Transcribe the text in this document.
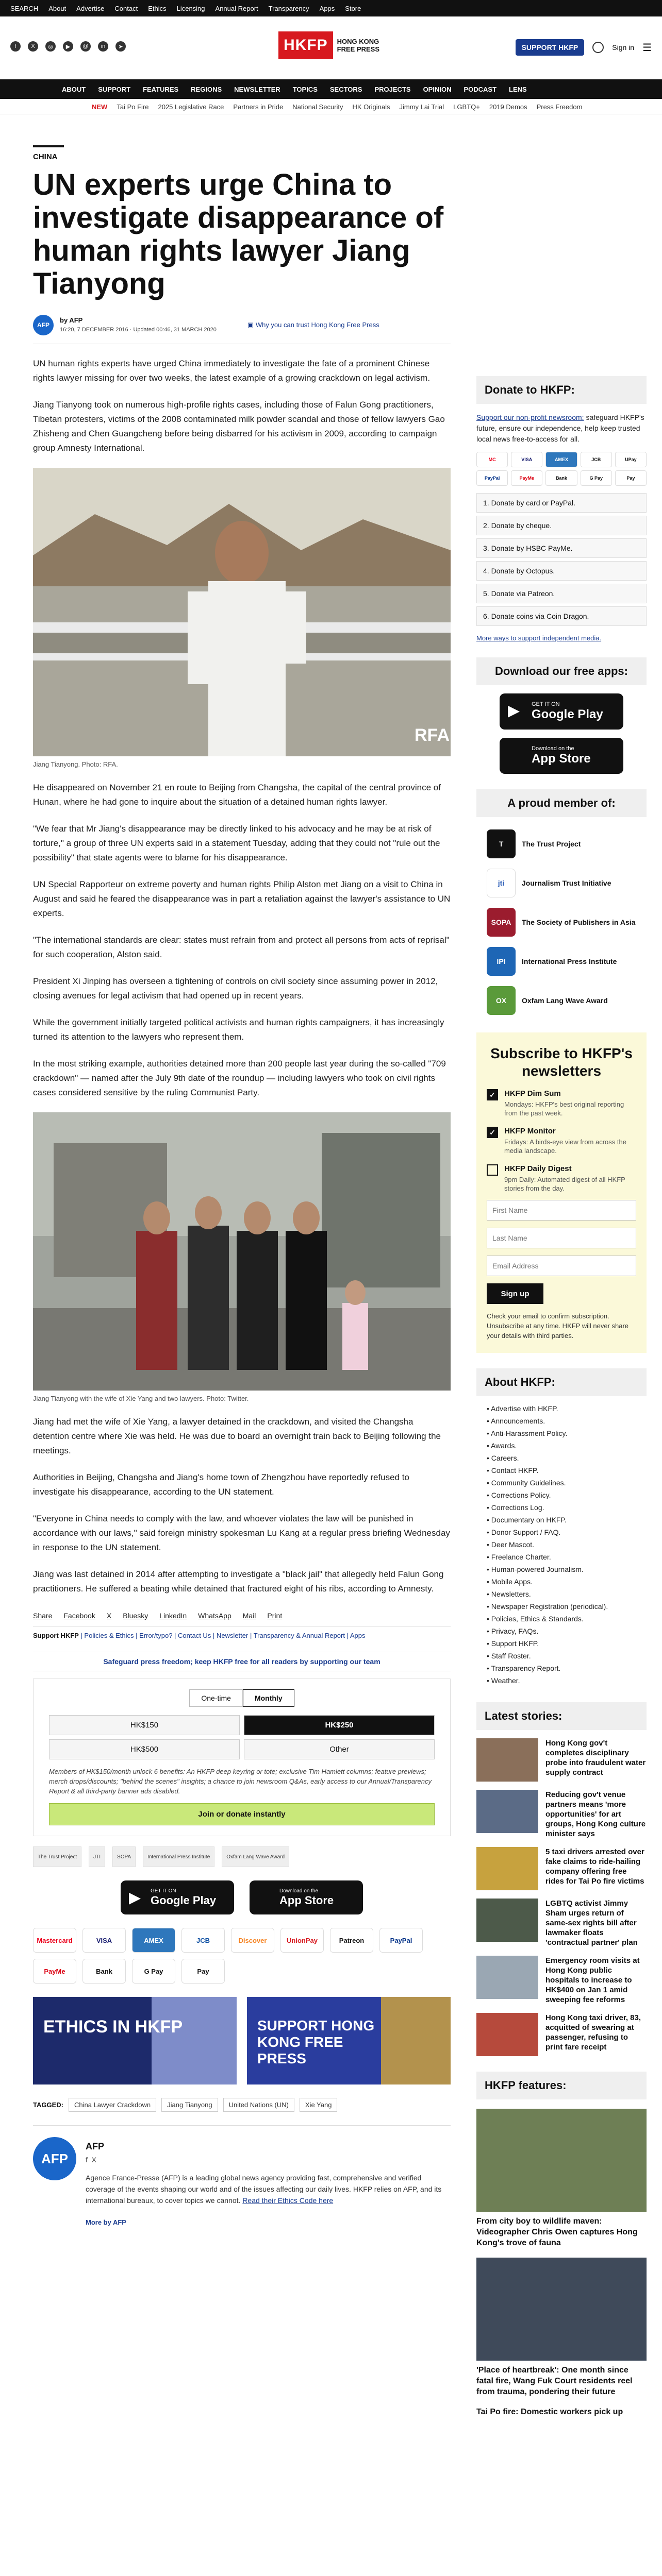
SEARCH About Advertise Contact Ethics Licensing Annual Report Transparency Apps Store
f	X	◎	▶	@	in	➤	HKFP	HONG KONG
FREE PRESS	SUPPORT HKFP	Sign in ☰
ABOUT SUPPORT FEATURES REGIONS NEWSLETTER TOPICS SECTORS PROJECTS OPINION PODCAST LENS
NEW Tai Po Fire 2025 Legislative Race Partners in Pride National Security HK Originals Jimmy Lai Trial LGBTQ+ 2019 Demos Press Freedom
CHINA
UN experts urge China to investigate disappearance of human rights lawyer Jiang Tianyong
AFP
by AFP
16:20, 7 DECEMBER 2016 · Updated 00:46, 31 MARCH 2020
▣ Why you can trust Hong Kong Free Press

UN human rights experts have urged China immediately to investigate the fate of a prominent Chinese rights lawyer missing for over two weeks, the latest example of a growing crackdown on legal activism.

Jiang Tianyong took on numerous high-profile rights cases, including those of Falun Gong practitioners, Tibetan protesters, victims of the 2008 contaminated milk powder scandal and those of fellow lawyers Gao Zhisheng and Chen Guangcheng before being disbarred for his activism in 2009, according to campaign group Amnesty International.

RFA
Jiang Tianyong. Photo: RFA.

He disappeared on November 21 en route to Beijing from Changsha, the capital of the central province of Hunan, where he had gone to inquire about the situation of a detained human rights lawyer.

"We fear that Mr Jiang's disappearance may be directly linked to his advocacy and he may be at risk of torture," a group of three UN experts said in a statement Tuesday, adding that they could not "rule out the possibility" that state agents were to blame for his disappearance.

UN Special Rapporteur on extreme poverty and human rights Philip Alston met Jiang on a visit to China in August and said he feared the disappearance was in part a retaliation against the lawyer's assistance to UN experts.

"The international standards are clear: states must refrain from and protect all persons from acts of reprisal" for such cooperation, Alston said.

President Xi Jinping has overseen a tightening of controls on civil society since assuming power in 2012, closing avenues for legal activism that had opened up in recent years.

While the government initially targeted political activists and human rights campaigners, it has increasingly turned its attention to the lawyers who represent them.

In the most striking example, authorities detained more than 200 people last year during the so-called "709 crackdown" — named after the July 9th date of the roundup — including lawyers who took on civil rights cases considered sensitive by the ruling Communist Party.

Jiang Tianyong with the wife of Xie Yang and two lawyers. Photo: Twitter.

Jiang had met the wife of Xie Yang, a lawyer detained in the crackdown, and visited the Changsha detention centre where Xie was held. He was due to board an overnight train back to Beijing following the meetings.

Authorities in Beijing, Changsha and Jiang's home town of Zhengzhou have reportedly refused to investigate his disappearance, according to the UN statement.

"Everyone in China needs to comply with the law, and whoever violates the law will be punished in accordance with our laws," said foreign ministry spokesman Lu Kang at a regular press briefing Wednesday in response to the UN statement.

Jiang was last detained in 2014 after attempting to investigate a "black jail" that allegedly held Falun Gong practitioners. He suffered a beating while detained that fractured eight of his ribs, according to Amnesty.

Share Facebook X Bluesky LinkedIn WhatsApp Mail Print
Support HKFP | Policies & Ethics | Error/typo? | Contact Us | Newsletter | Transparency & Annual Report | Apps
Safeguard press freedom; keep HKFP free for all readers by supporting our team
One-time	Monthly
HK$150	HK$250
HK$500	Other
Members of HK$150/month unlock 6 benefits: An HKFP deep keyring or tote; exclusive Tim Hamlett columns; feature previews; merch drops/discounts; "behind the scenes" insights; a chance to join newsroom Q&As, early access to our Annual/Transparency Report & all third-party banner ads disabled.
Join or donate instantly
The Trust Project	JTI	SOPA	International Press Institute	Oxfam Lang Wave Award
▶ GET IT ON
Google Play
Download on the
App Store
Mastercard	VISA	AMEX	JCB	Discover	UnionPay	Patreon	PayPal
PayMe	Bank	G Pay	Pay
ETHICS IN HKFP	SUPPORT HONG KONG FREE PRESS
TAGGED:	China Lawyer Crackdown	Jiang Tianyong	United Nations (UN)	Xie Yang
AFP
AFP
f X
Agence France-Presse (AFP) is a leading global news agency providing fast, comprehensive and verified coverage of the events shaping our world and of the issues affecting our daily lives. HKFP relies on AFP, and its international bureaux, to cover topics we cannot. Read their Ethics Code here
More by AFP
Donate to HKFP:
Support our non-profit newsroom: safeguard HKFP's future, ensure our independence, help keep trusted local news free-to-access for all.
MC	VISA	AMEX	JCB	UPay
PayPal	PayMe	Bank	G Pay	Pay
1. Donate by card or PayPal.
2. Donate by cheque.
3. Donate by HSBC PayMe.
4. Donate by Octopus.
5. Donate via Patreon.
6. Donate coins via Coin Dragon.
More ways to support independent media.
Download our free apps:
▶ GET IT ON
Google Play
Download on the
App Store
A proud member of:
T	The Trust Project
jti	Journalism Trust Initiative
SOPA	The Society of Publishers in Asia
IPI	International Press Institute
OX	Oxfam Lang Wave Award
Subscribe to HKFP's newsletters
✓	HKFP Dim Sum
Mondays: HKFP's best original reporting from the past week.
✓	HKFP Monitor
Fridays: A birds-eye view from across the media landscape.
HKFP Daily Digest
9pm Daily: Automated digest of all HKFP stories from the day.
First Name
Last Name
Email Address
Sign up
Check your email to confirm subscription. Unsubscribe at any time. HKFP will never share your details with third parties.
About HKFP:
• Advertise with HKFP.
• Announcements.
• Anti-Harassment Policy.
• Awards.
• Careers.
• Contact HKFP.
• Community Guidelines.
• Corrections Policy.
• Corrections Log.
• Documentary on HKFP.
• Donor Support / FAQ.
• Deer Mascot.
• Freelance Charter.
• Human-powered Journalism.
• Mobile Apps.
• Newsletters.
• Newspaper Registration (periodical).
• Policies, Ethics & Standards.
• Privacy, FAQs.
• Support HKFP.
• Staff Roster.
• Transparency Report.
• Weather.
Latest stories:
Hong Kong gov't completes disciplinary probe into fraudulent water supply contract
Reducing gov't venue partners means 'more opportunities' for art groups, Hong Kong culture minister says
5 taxi drivers arrested over fake claims to ride-hailing company offering free rides for Tai Po fire victims
LGBTQ activist Jimmy Sham urges return of same-sex rights bill after lawmaker floats 'contractual partner' plan
Emergency room visits at Hong Kong public hospitals to increase to HK$400 on Jan 1 amid sweeping fee reforms
Hong Kong taxi driver, 83, acquitted of swearing at passenger, refusing to print fare receipt
HKFP features:
From city boy to wildlife maven: Videographer Chris Owen captures Hong Kong's trove of fauna
'Place of heartbreak': One month since fatal fire, Wang Fuk Court residents reel from trauma, pondering their future
Tai Po fire: Domestic workers pick up
